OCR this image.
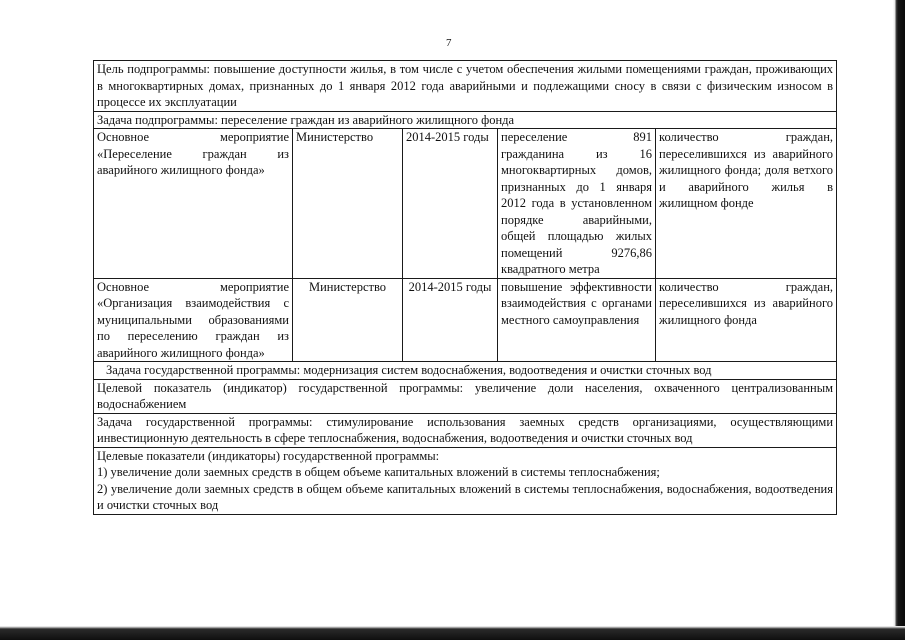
7
Цель подпрограммы: повышение доступности жилья, в том числе с учетом обеспечения жилыми помещениями граждан, проживающих в многоквартирных домах, признанных до 1 января 2012 года аварийными и подлежащими сносу в связи с физическим износом в процессе их эксплуатации				
Задача подпрограммы: переселение граждан из аварийного жилищного фонда				
Основное мероприятие «Переселение граждан из аварийного жилищного фонда»	Министерство	2014-2015 годы	переселение 891 гражданина из 16 многоквартирных домов, признанных до 1 января 2012 года в установленном порядке аварийными, общей площадью жилых помещений 9276,86 квадратного метра	количество граждан, переселившихся из аварийного жилищного фонда; доля ветхого и аварийного жилья в жилищном фонде
Основное мероприятие «Организация взаимодействия с муниципальными образованиями по переселению граждан из аварийного жилищного фонда»	Министерство	2014-2015 годы	повышение эффективности взаимодействия с органами местного самоуправления	количество граждан, переселившихся из аварийного жилищного фонда
Задача государственной программы: модернизация систем водоснабжения, водоотведения и очистки сточных вод				
Целевой показатель (индикатор) государственной программы: увеличение доли населения, охваченного централизованным водоснабжением				
Задача государственной программы: стимулирование использования заемных средств организациями, осуществляющими инвестиционную деятельность в сфере теплоснабжения, водоснабжения, водоотведения и очистки сточных вод				

Целевые показатели (индикаторы) государственной программы:
1) увеличение доли заемных средств в общем объеме капитальных вложений в системы теплоснабжения;
2) увеличение доли заемных средств в общем объеме капитальных вложений в системы теплоснабжения, водоснабжения, водоотведения и очистки сточных вод				
